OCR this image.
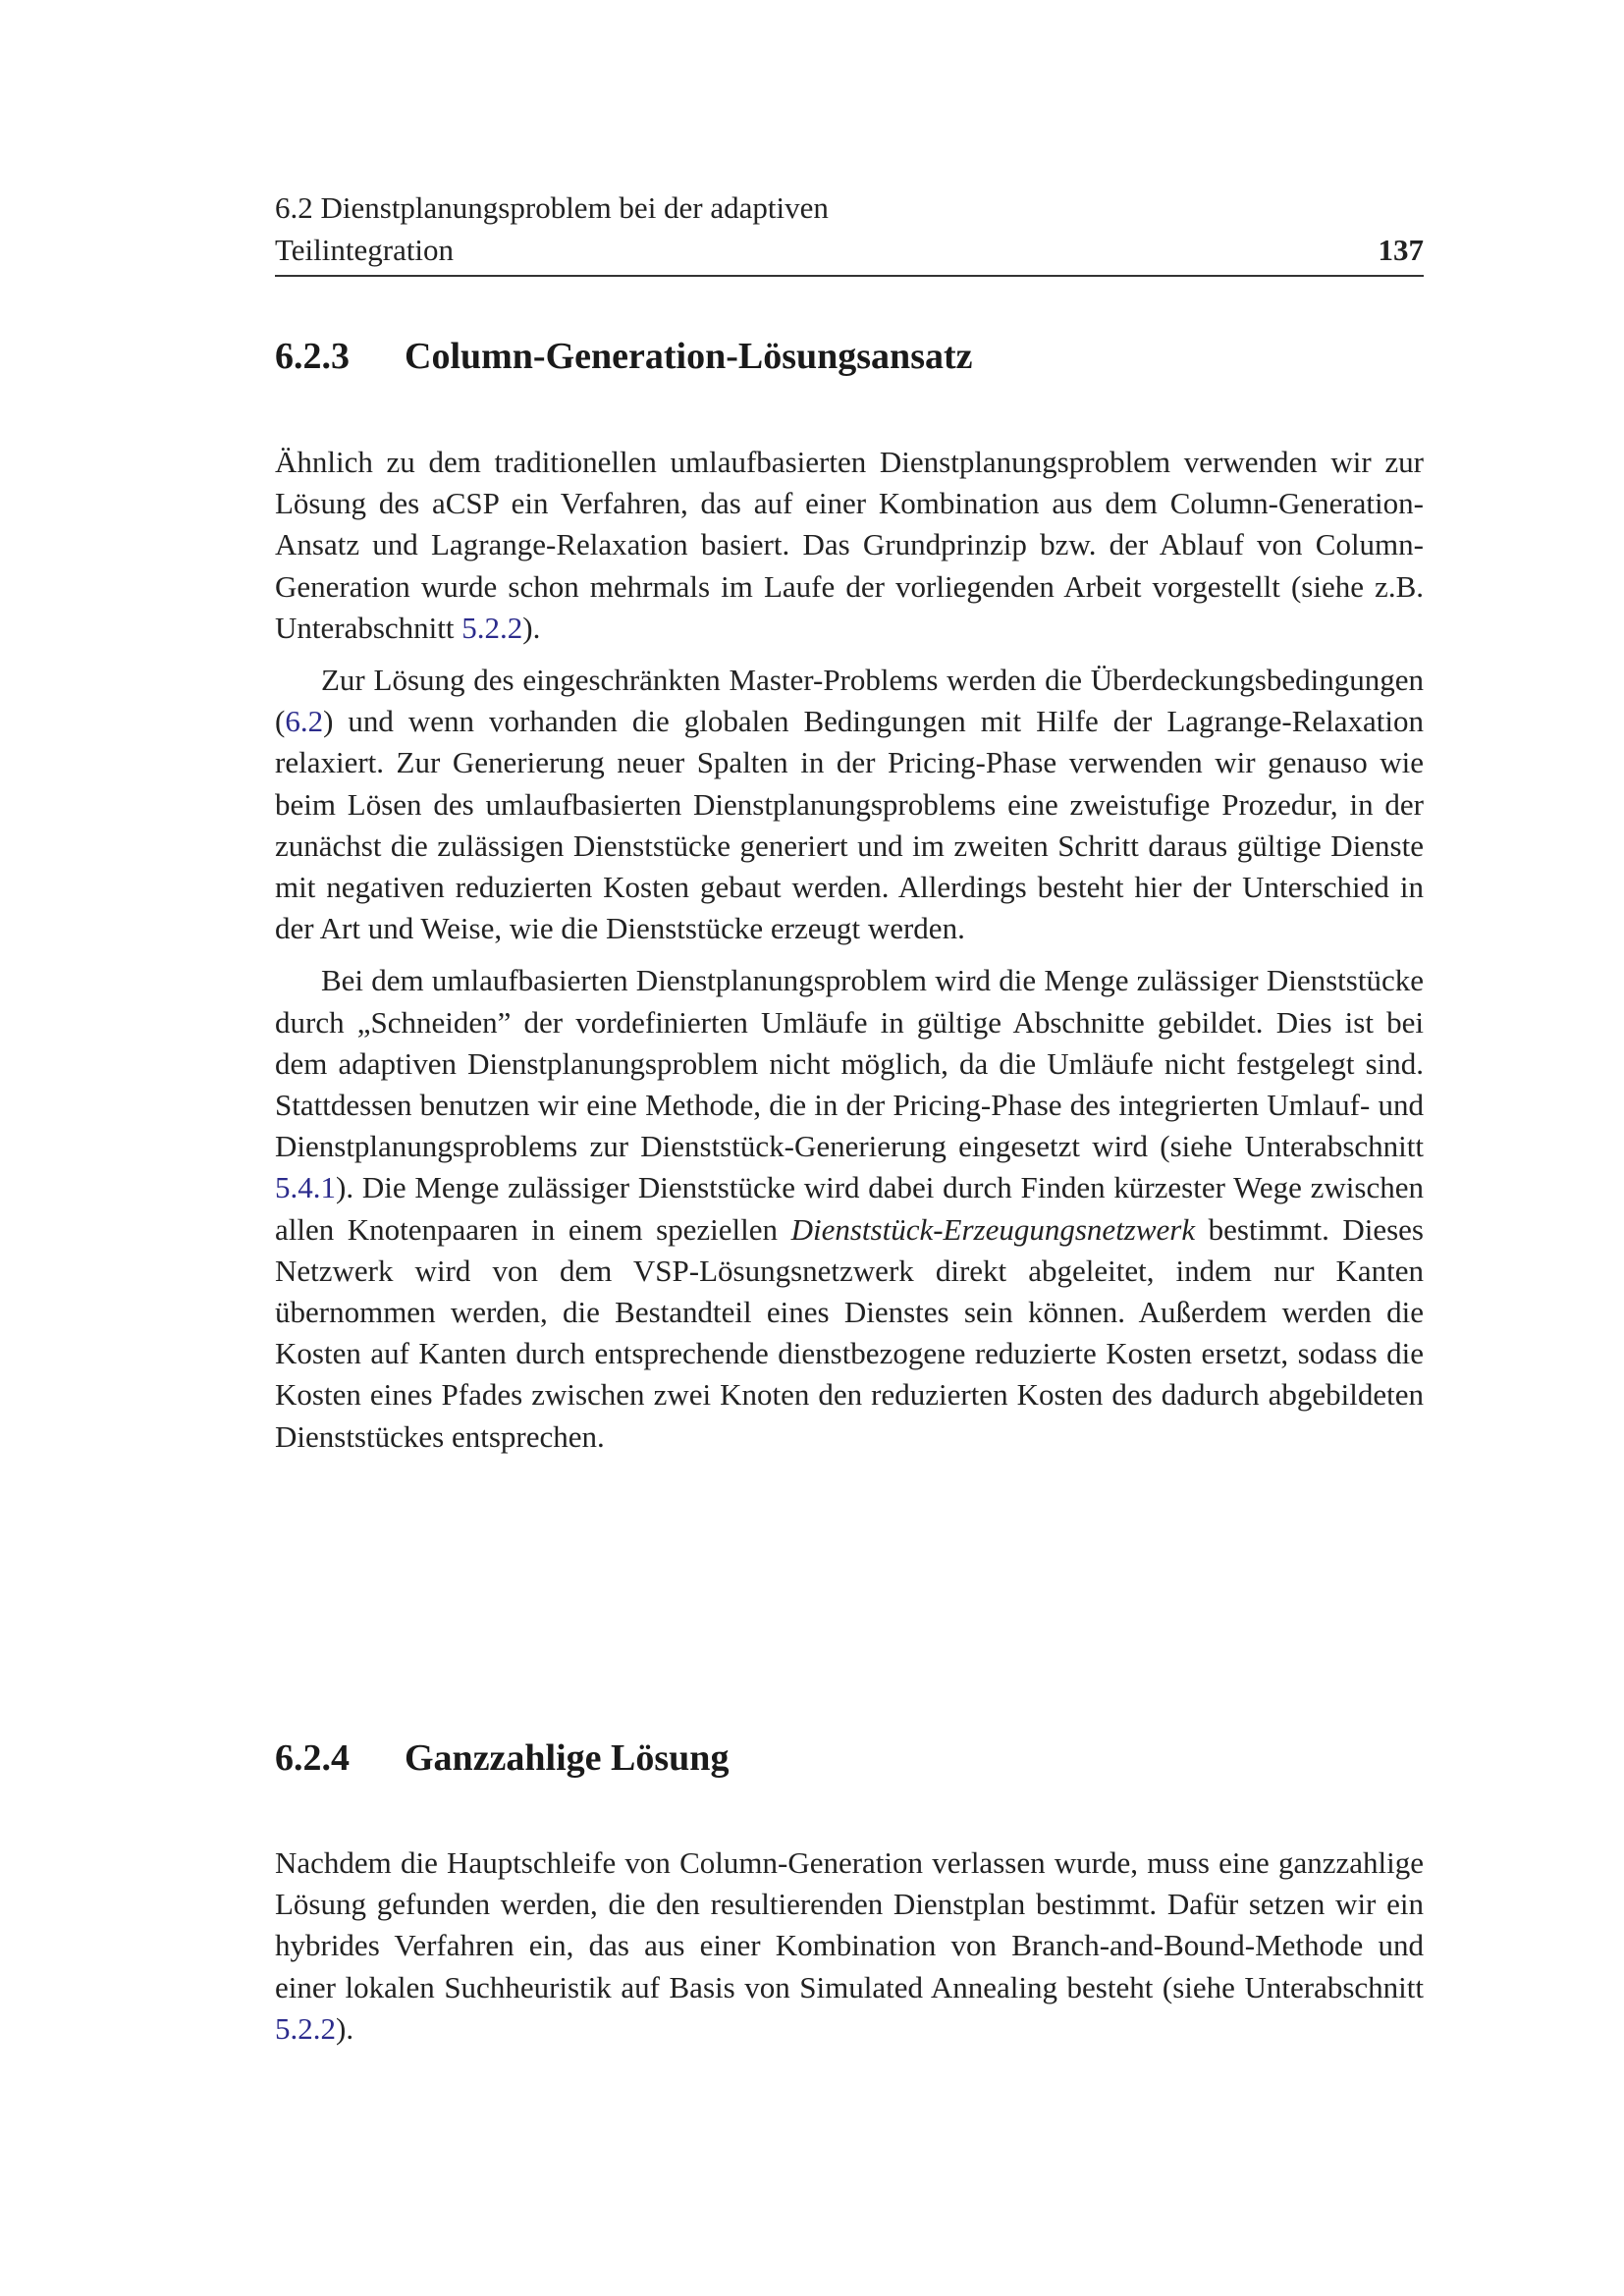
6.2 Dienstplanungsproblem bei der adaptiven
Teilintegration	137
6.2.3 Column-Generation-Lösungsansatz

Ähnlich zu dem traditionellen umlaufbasierten Dienstplanungsproblem verwenden wir zur Lösung des aCSP ein Verfahren, das auf einer Kombination aus dem Column-Generation-Ansatz und Lagrange-Relaxation basiert. Das Grundprinzip bzw. der Ablauf von Column-Generation wurde schon mehrmals im Laufe der vorliegenden Arbeit vorgestellt (siehe z.B. Unterabschnitt 5.2.2).

Zur Lösung des eingeschränkten Master-Problems werden die Überdeckungsbedingungen (6.2) und wenn vorhanden die globalen Bedingungen mit Hilfe der Lagrange-Relaxation relaxiert. Zur Generierung neuer Spalten in der Pricing-Phase verwenden wir genauso wie beim Lösen des umlaufbasierten Dienstplanungsproblems eine zweistufige Prozedur, in der zunächst die zulässigen Dienststücke generiert und im zweiten Schritt daraus gültige Dienste mit negativen reduzierten Kosten gebaut werden. Allerdings besteht hier der Unterschied in der Art und Weise, wie die Dienststücke erzeugt werden.

Bei dem umlaufbasierten Dienstplanungsproblem wird die Menge zulässiger Dienststücke durch „Schneiden” der vordefinierten Umläufe in gültige Abschnitte gebildet. Dies ist bei dem adaptiven Dienstplanungsproblem nicht möglich, da die Umläufe nicht festgelegt sind. Stattdessen benutzen wir eine Methode, die in der Pricing-Phase des integrierten Umlauf- und Dienstplanungsproblems zur Dienststück-Generierung eingesetzt wird (siehe Unterabschnitt 5.4.1). Die Menge zulässiger Dienststücke wird dabei durch Finden kürzester Wege zwischen allen Knotenpaaren in einem speziellen Dienststück-Erzeugungsnetzwerk bestimmt. Dieses Netzwerk wird von dem VSP-Lösungsnetzwerk direkt abgeleitet, indem nur Kanten übernommen werden, die Bestandteil eines Dienstes sein können. Außerdem werden die Kosten auf Kanten durch entsprechende dienstbezogene reduzierte Kosten ersetzt, sodass die Kosten eines Pfades zwischen zwei Knoten den reduzierten Kosten des dadurch abgebildeten Dienststückes entsprechen.

6.2.4 Ganzzahlige Lösung

Nachdem die Hauptschleife von Column-Generation verlassen wurde, muss eine ganzzahlige Lösung gefunden werden, die den resultierenden Dienstplan bestimmt. Dafür setzen wir ein hybrides Verfahren ein, das aus einer Kombination von Branch-and-Bound-Methode und einer lokalen Suchheuristik auf Basis von Simulated Annealing besteht (siehe Unterabschnitt 5.2.2).
